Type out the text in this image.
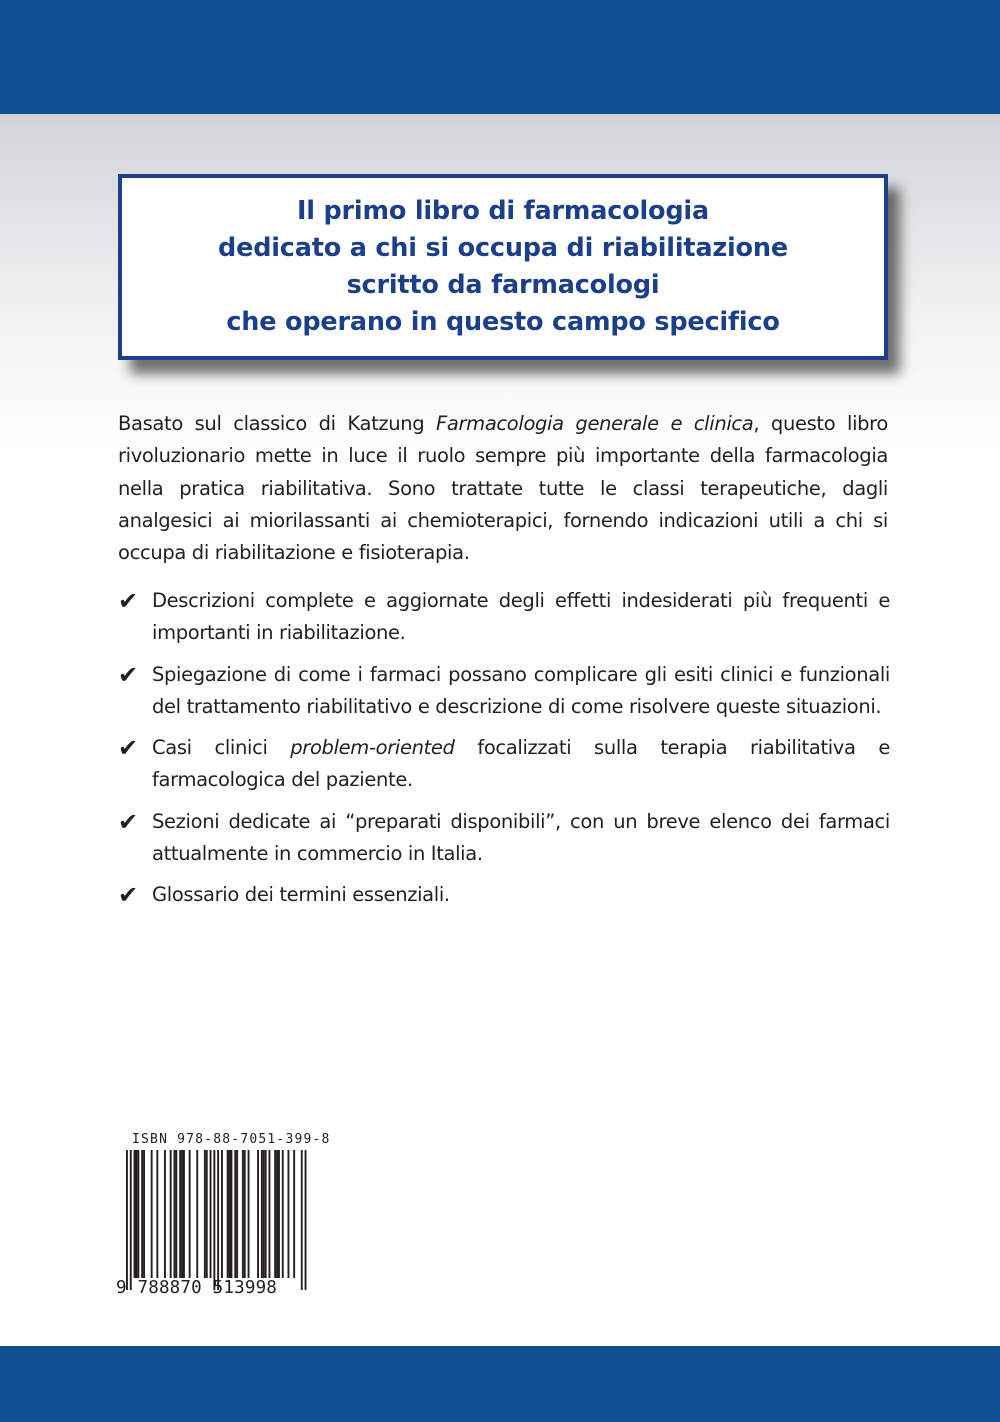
Il primo libro di farmacologia
dedicato a chi si occupa di riabilitazione
scritto da farmacologi
che operano in questo campo specifico

Basato sul classico di Katzung Farmacologia generale e clinica, questo libro rivoluzionario mette in luce il ruolo sempre più importante della farmacologia nella pratica riabilitativa. Sono trattate tutte le classi terapeutiche, dagli analgesici ai miorilassanti ai chemioterapici, fornendo indicazioni utili a chi si occupa di riabilitazione e fisioterapia.

✔ Descrizioni complete e aggiornate degli effetti indesiderati più frequenti e importanti in riabilitazione.
✔ Spiegazione di come i farmaci possano complicare gli esiti clinici e funzionali del trattamento riabilitativo e descrizione di come risolvere queste situazioni.
✔ Casi clinici problem-oriented focalizzati sulla terapia riabilitativa e farmacologica del paziente.
✔ Sezioni dedicate ai “preparati disponibili”, con un breve elenco dei farmaci attualmente in commercio in Italia.
✔ Glossario dei termini essenziali.
ISBN 978-88-7051-399-8
9 788870 513998
